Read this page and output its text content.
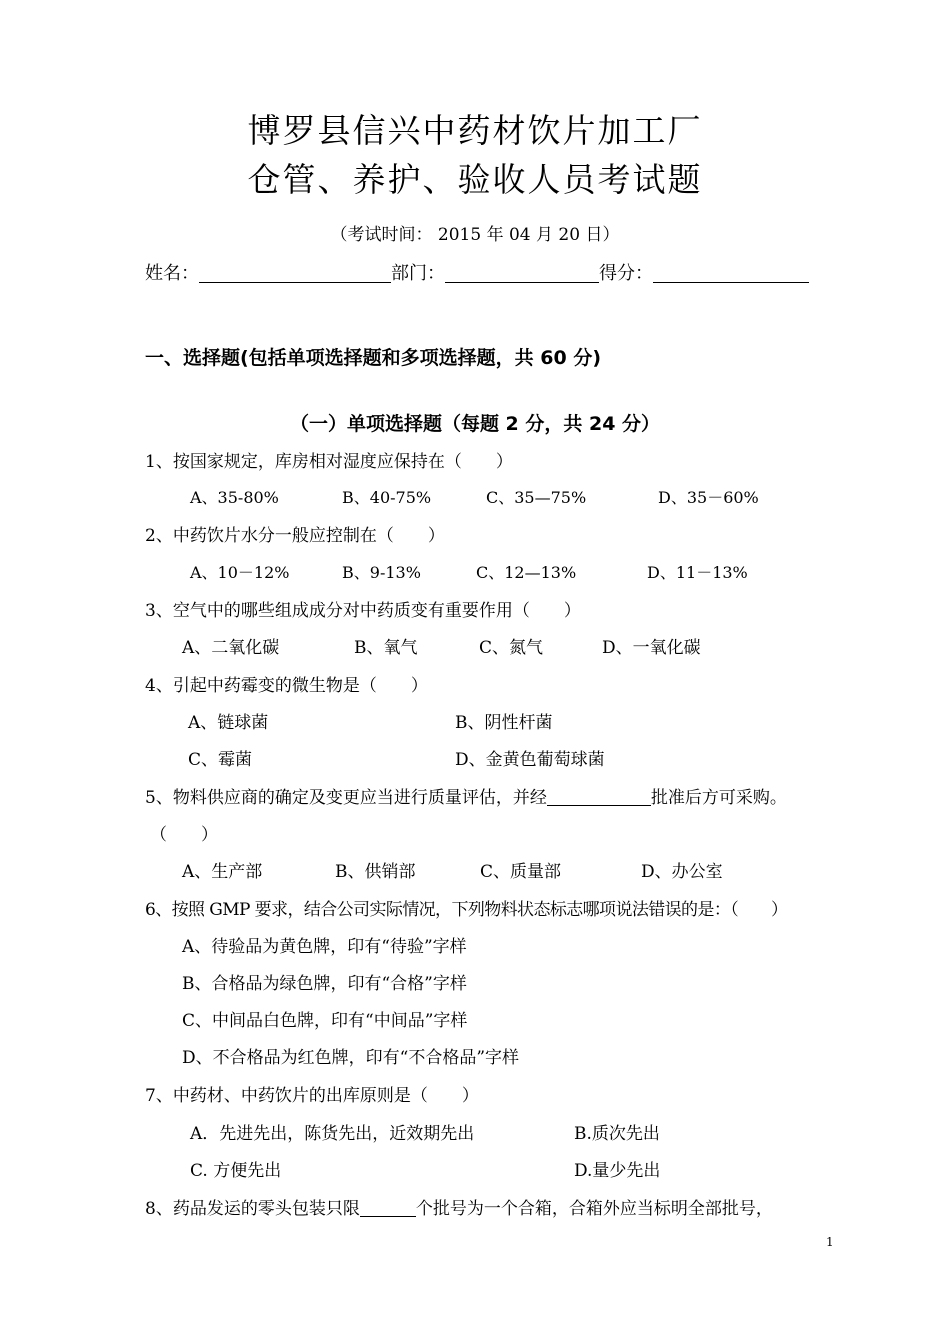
博罗县信兴中药材饮片加工厂
仓管、养护、验收人员考试题
（考试时间： 2015 年 04 月 20 日）
姓名：	部门：	得分：
一、选择题(包括单项选择题和多项选择题，共 60 分)
（一）单项选择题（每题 2 分，共 24 分）
1、按国家规定，库房相对湿度应保持在（　　）
A、35-80%	B、40-75%	C、35—75%	D、35－60%
2、中药饮片水分一般应控制在（　　）
A、10－12%	B、9-13%	C、12—13%	D、11－13%
3、空气中的哪些组成成分对中药质变有重要作用（　　）
A、二氧化碳	B、氧气	C、氮气	D、一氧化碳
4、引起中药霉变的微生物是（　　）
A、链球菌	B、阴性杆菌
C、霉菌	D、金黄色葡萄球菌
5、物料供应商的确定及变更应当进行质量评估，并经	批准后方可采购。
（　　）
A、生产部	B、供销部	C、质量部	D、办公室
6、按照 GMP 要求，结合公司实际情况，下列物料状态标志哪项说法错误的是：（　　）
A、待验品为黄色牌，印有“待验”字样
B、合格品为绿色牌，印有“合格”字样
C、中间品白色牌，印有“中间品”字样
D、不合格品为红色牌，印有“不合格品”字样
7、中药材、中药饮片的出库原则是（　　）
A．先进先出，陈货先出，近效期先出	B.质次先出
C. 方便先出	D.量少先出
8、药品发运的零头包装只限	个批号为一个合箱，合箱外应当标明全部批号，
1
